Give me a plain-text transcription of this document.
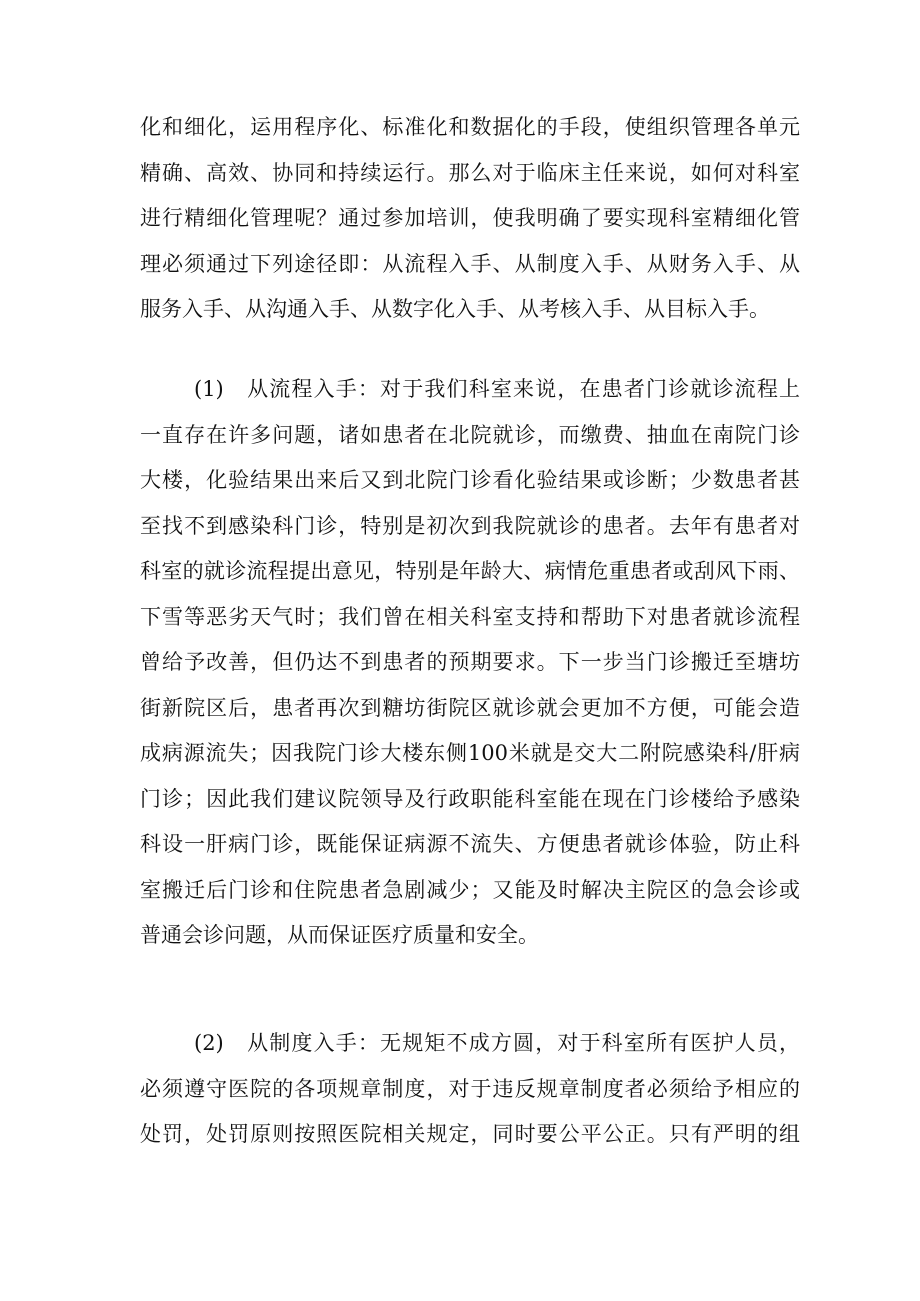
化和细化，运用程序化、标准化和数据化的手段，使组织管理各单元
精确、高效、协同和持续运行。那么对于临床主任来说，如何对科室
进行精细化管理呢？通过参加培训，使我明确了要实现科室精细化管
理必须通过下列途径即：从流程入手、从制度入手、从财务入手、从
服务入手、从沟通入手、从数字化入手、从考核入手、从目标入手。
(1)　从流程入手：对于我们科室来说，在患者门诊就诊流程上
一直存在许多问题，诸如患者在北院就诊，而缴费、抽血在南院门诊
大楼，化验结果出来后又到北院门诊看化验结果或诊断；少数患者甚
至找不到感染科门诊，特别是初次到我院就诊的患者。去年有患者对
科室的就诊流程提出意见，特别是年龄大、病情危重患者或刮风下雨、
下雪等恶劣天气时；我们曾在相关科室支持和帮助下对患者就诊流程
曾给予改善，但仍达不到患者的预期要求。下一步当门诊搬迁至塘坊
街新院区后，患者再次到糖坊街院区就诊就会更加不方便，可能会造
成病源流失；因我院门诊大楼东侧100米就是交大二附院感染科/肝病
门诊；因此我们建议院领导及行政职能科室能在现在门诊楼给予感染
科设一肝病门诊，既能保证病源不流失、方便患者就诊体验，防止科
室搬迁后门诊和住院患者急剧减少；又能及时解决主院区的急会诊或
普通会诊问题，从而保证医疗质量和安全。
(2)　从制度入手：无规矩不成方圆，对于科室所有医护人员，
必须遵守医院的各项规章制度，对于违反规章制度者必须给予相应的
处罚，处罚原则按照医院相关规定，同时要公平公正。只有严明的组
